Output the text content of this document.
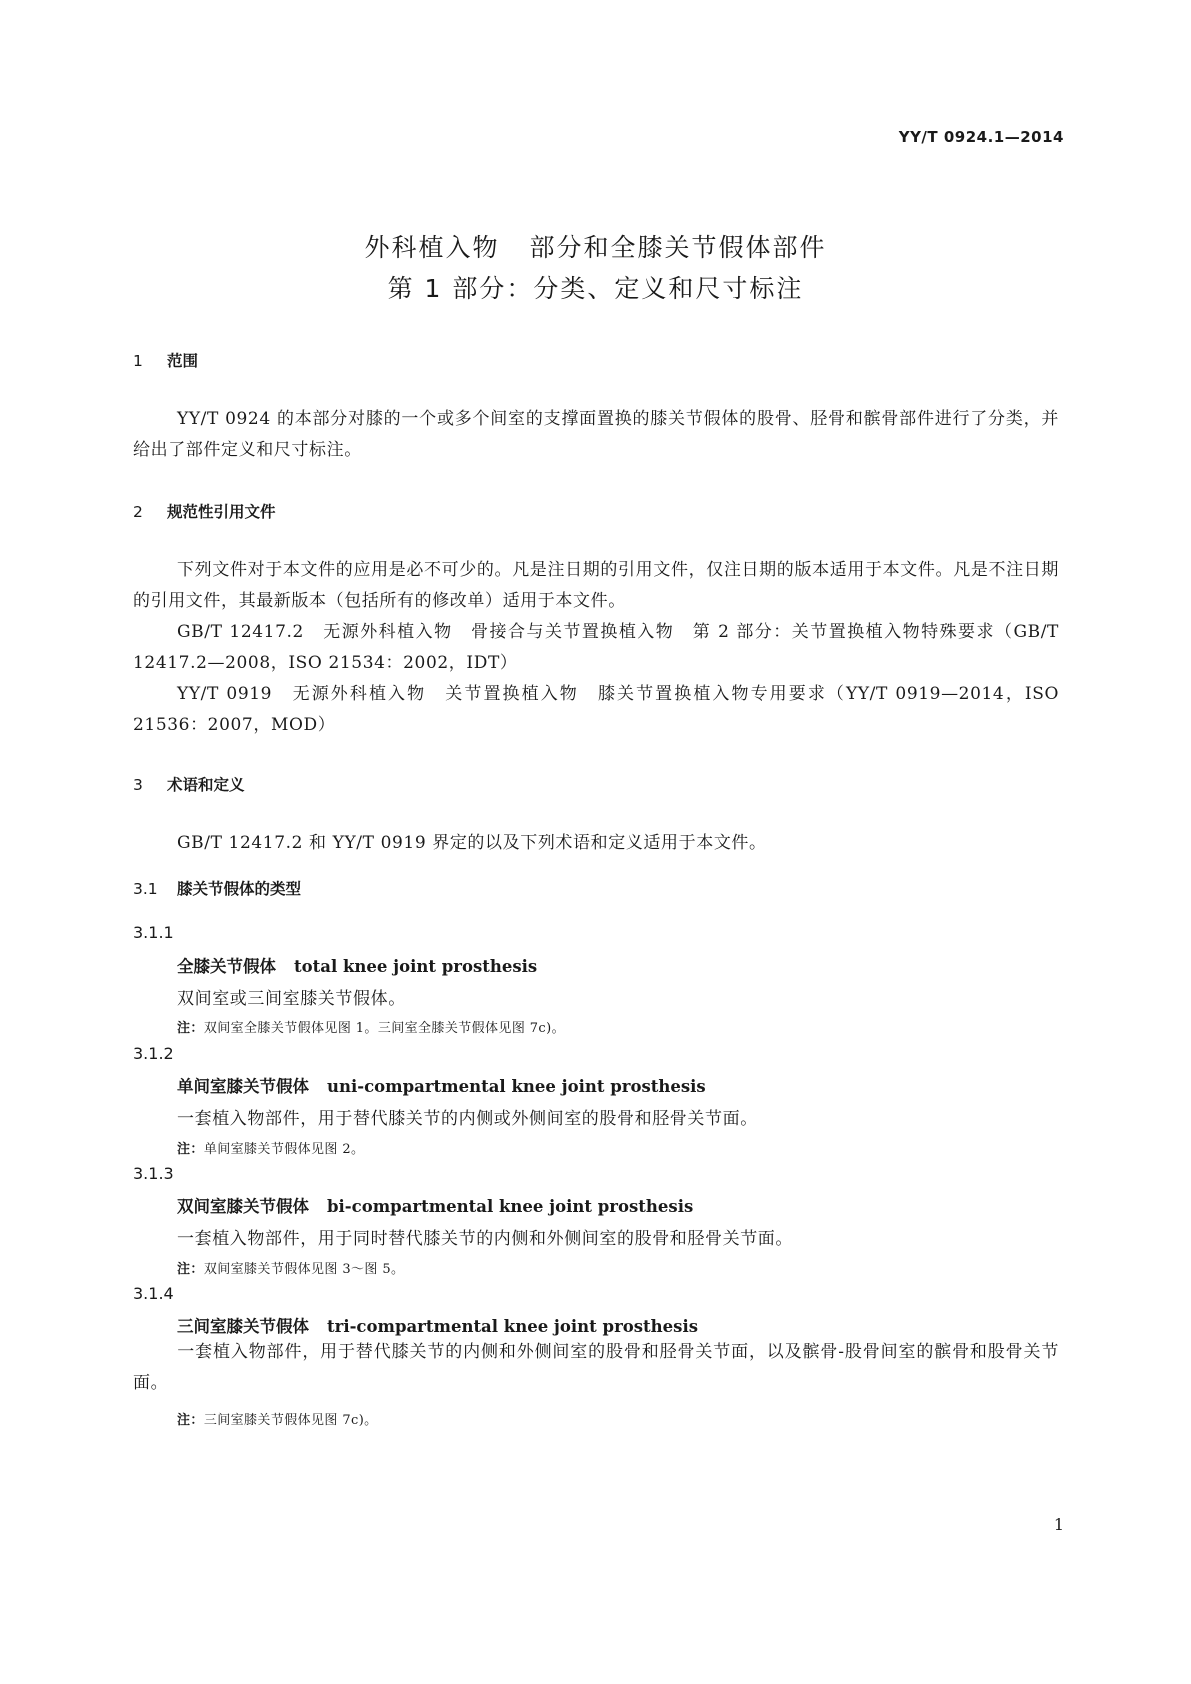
YY/T 0924.1—2014
外科植入物 部分和全膝关节假体部件
第 1 部分：分类、定义和尺寸标注
1 范围
YY/T 0924 的本部分对膝的一个或多个间室的支撑面置换的膝关节假体的股骨、胫骨和髌骨部件进行了分类，并给出了部件定义和尺寸标注。
2 规范性引用文件
下列文件对于本文件的应用是必不可少的。凡是注日期的引用文件，仅注日期的版本适用于本文件。凡是不注日期的引用文件，其最新版本（包括所有的修改单）适用于本文件。
GB/T 12417.2　无源外科植入物　骨接合与关节置换植入物　第 2 部分：关节置换植入物特殊要求（GB/T 12417.2—2008，ISO 21534：2002，IDT）
YY/T 0919　无源外科植入物　关节置换植入物　膝关节置换植入物专用要求（YY/T 0919—2014，ISO 21536：2007，MOD）
3 术语和定义
GB/T 12417.2 和 YY/T 0919 界定的以及下列术语和定义适用于本文件。
3.1 膝关节假体的类型
3.1.1
全膝关节假体 total knee joint prosthesis
双间室或三间室膝关节假体。
注：双间室全膝关节假体见图 1。三间室全膝关节假体见图 7c)。
3.1.2
单间室膝关节假体 uni-compartmental knee joint prosthesis
一套植入物部件，用于替代膝关节的内侧或外侧间室的股骨和胫骨关节面。
注：单间室膝关节假体见图 2。
3.1.3
双间室膝关节假体 bi-compartmental knee joint prosthesis
一套植入物部件，用于同时替代膝关节的内侧和外侧间室的股骨和胫骨关节面。
注：双间室膝关节假体见图 3～图 5。
3.1.4
三间室膝关节假体 tri-compartmental knee joint prosthesis
一套植入物部件，用于替代膝关节的内侧和外侧间室的股骨和胫骨关节面，以及髌骨-股骨间室的髌骨和股骨关节面。
注：三间室膝关节假体见图 7c)。
1
